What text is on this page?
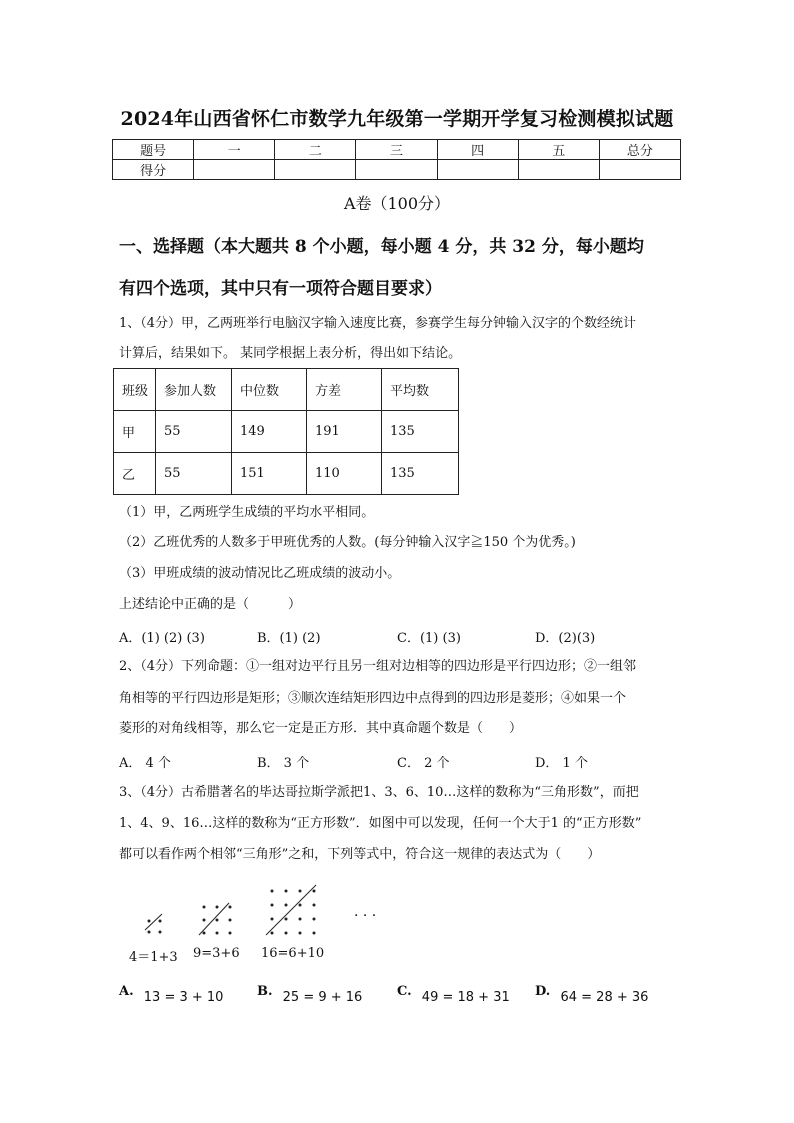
2024年山西省怀仁市数学九年级第一学期开学复习检测模拟试题
题号	一	二	三	四	五	总分
得分						
A卷（100分）
一、选择题（本大题共 8 个小题，每小题 4 分，共 32 分，每小题均
有四个选项，其中只有一项符合题目要求）
1、（4分）甲，乙两班举行电脑汉字输入速度比赛，参赛学生每分钟输入汉字的个数经统计
计算后，结果如下。 某同学根据上表分析，得出如下结论。
班级	参加人数	中位数	方差	平均数
甲	55	149	191	135
乙	55	151	110	135
（1）甲，乙两班学生成绩的平均水平相同。
（2）乙班优秀的人数多于甲班优秀的人数。(每分钟输入汉字≧150 个为优秀。)
（3）甲班成绩的波动情况比乙班成绩的波动小。
上述结论中正确的是（　　　）
A．(1) (2) (3)	B．(1) (2)	C．(1) (3)	D．(2)(3)
2、（4分）下列命题：①一组对边平行且另一组对边相等的四边形是平行四边形；②一组邻
角相等的平行四边形是矩形；③顺次连结矩形四边中点得到的四边形是菱形；④如果一个
菱形的对角线相等，那么它一定是正方形．其中真命题个数是（　　）
A． 4 个	B． 3 个	C． 2 个	D． 1 个
3、（4分）古希腊著名的毕达哥拉斯学派把1、3、6、10…这样的数称为“三角形数”，而把
1、4、9、16…这样的数称为“正方形数”．如图中可以发现，任何一个大于1 的“正方形数”
都可以看作两个相邻“三角形”之和，下列等式中，符合这一规律的表达式为（　　）
4＝1+3 9=3+6 16=6+10
· · ·
A. 13 = 3 + 10	B. 25 = 9 + 16	C. 49 = 18 + 31 D. 64 = 28 + 36
